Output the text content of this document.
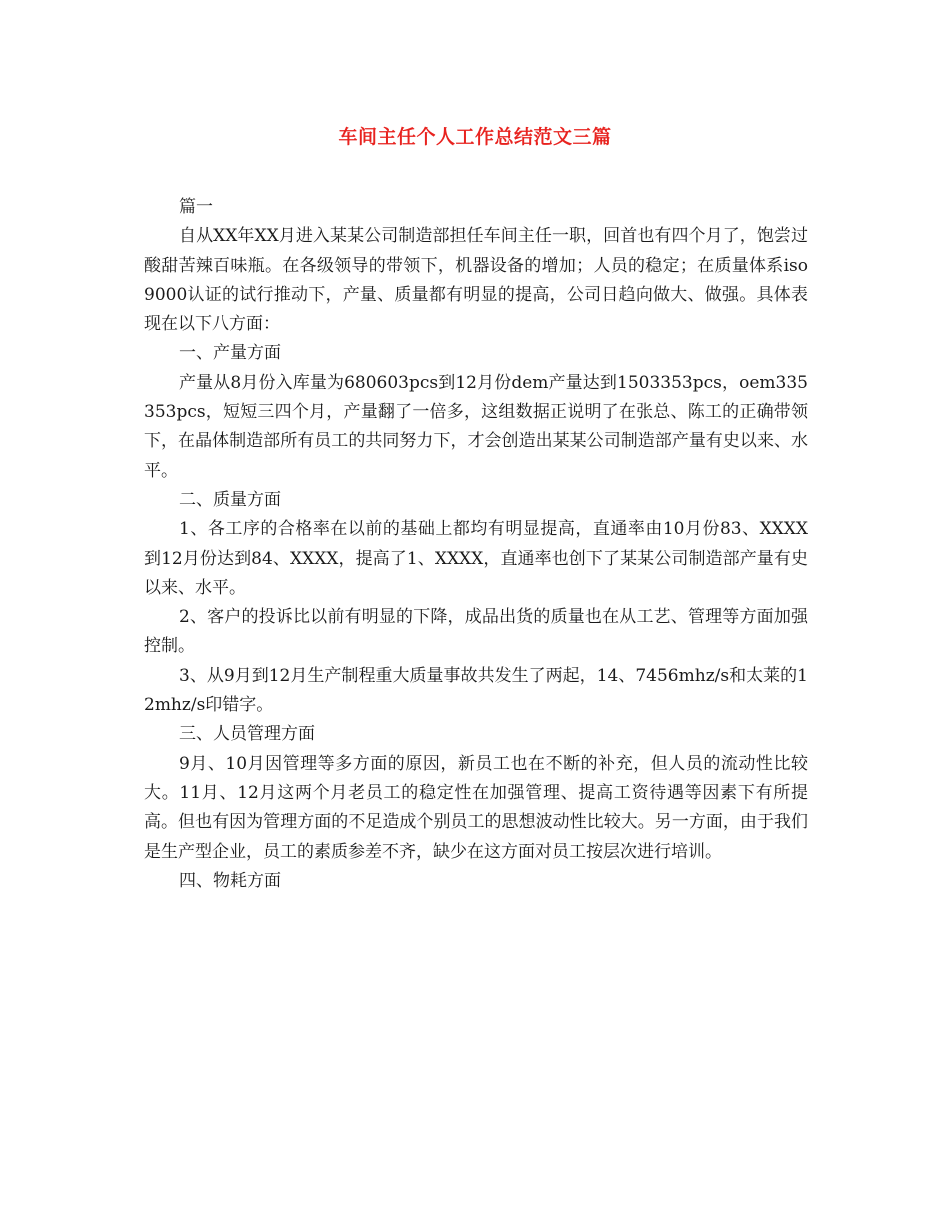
车间主任个人工作总结范文三篇

篇一

自从XX年XX月进入某某公司制造部担任车间主任一职，回首也有四个月了，饱尝过酸甜苦辣百味瓶。在各级领导的带领下，机器设备的增加；人员的稳定；在质量体系iso9000认证的试行推动下，产量、质量都有明显的提高，公司日趋向做大、做强。具体表现在以下八方面：

一、产量方面

产量从8月份入库量为680603pcs到12月份dem产量达到1503353pcs，oem335353pcs，短短三四个月，产量翻了一倍多，这组数据正说明了在张总、陈工的正确带领下，在晶体制造部所有员工的共同努力下，才会创造出某某公司制造部产量有史以来、水平。

二、质量方面

1、各工序的合格率在以前的基础上都均有明显提高，直通率由10月份83、XXXX到12月份达到84、XXXX，提高了1、XXXX，直通率也创下了某某公司制造部产量有史以来、水平。

2、客户的投诉比以前有明显的下降，成品出货的质量也在从工艺、管理等方面加强控制。

3、从9月到12月生产制程重大质量事故共发生了两起，14、7456mhz/s和太莱的12mhz/s印错字。

三、人员管理方面

9月、10月因管理等多方面的原因，新员工也在不断的补充，但人员的流动性比较大。11月、12月这两个月老员工的稳定性在加强管理、提高工资待遇等因素下有所提高。但也有因为管理方面的不足造成个别员工的思想波动性比较大。另一方面，由于我们是生产型企业，员工的素质参差不齐，缺少在这方面对员工按层次进行培训。

四、物耗方面
